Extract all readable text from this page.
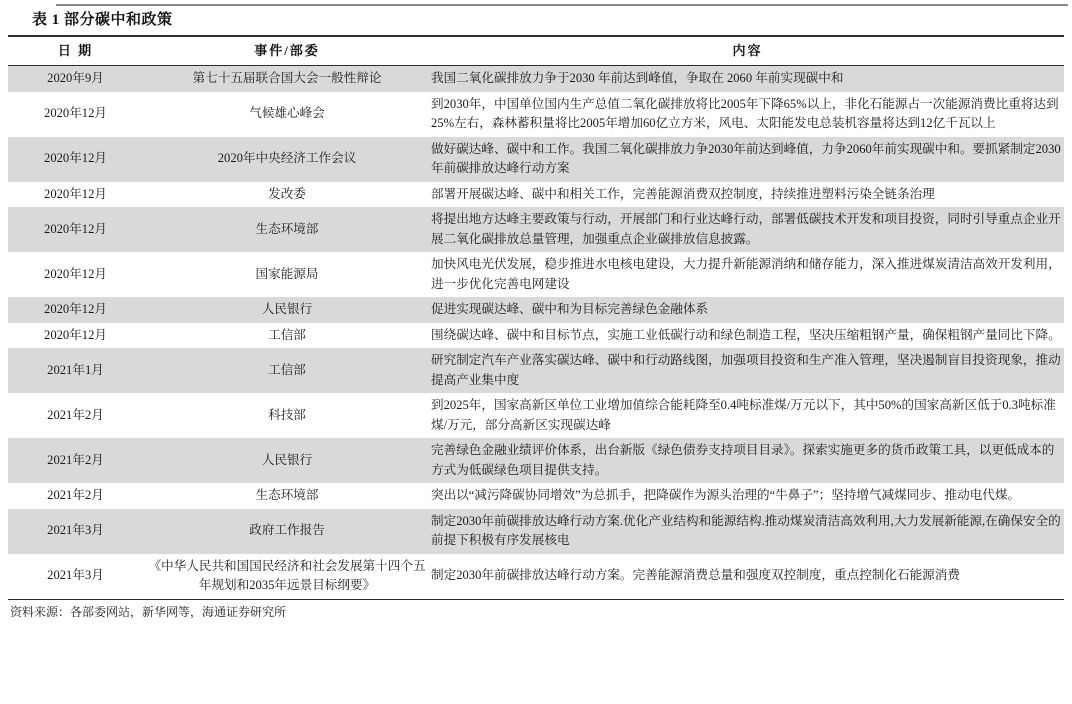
表 1 部分碳中和政策
日 期	事件/部委	内容
2020年9月	第七十五届联合国大会一般性辩论	我国二氧化碳排放力争于2030 年前达到峰值，争取在 2060 年前实现碳中和
2020年12月	气候雄心峰会	到2030年，中国单位国内生产总值二氧化碳排放将比2005年下降65%以上，非化石能源占一次能源消费比重将达到25%左右，森林蓄积量将比2005年增加60亿立方米，风电、太阳能发电总装机容量将达到12亿千瓦以上
2020年12月	2020年中央经济工作会议	做好碳达峰、碳中和工作。我国二氧化碳排放力争2030年前达到峰值，力争2060年前实现碳中和。要抓紧制定2030年前碳排放达峰行动方案
2020年12月	发改委	部署开展碳达峰、碳中和相关工作，完善能源消费双控制度，持续推进塑料污染全链条治理
2020年12月	生态环境部	将提出地方达峰主要政策与行动，开展部门和行业达峰行动，部署低碳技术开发和项目投资，同时引导重点企业开展二氧化碳排放总量管理，加强重点企业碳排放信息披露。
2020年12月	国家能源局	加快风电光伏发展，稳步推进水电核电建设，大力提升新能源消纳和储存能力，深入推进煤炭清洁高效开发利用，进一步优化完善电网建设
2020年12月	人民银行	促进实现碳达峰、碳中和为目标完善绿色金融体系
2020年12月	工信部	围绕碳达峰、碳中和目标节点，实施工业低碳行动和绿色制造工程，坚决压缩粗钢产量，确保粗钢产量同比下降。
2021年1月	工信部	研究制定汽车产业落实碳达峰、碳中和行动路线图，加强项目投资和生产准入管理，坚决遏制盲目投资现象，推动提高产业集中度
2021年2月	科技部	到2025年，国家高新区单位工业增加值综合能耗降至0.4吨标准煤/万元以下，其中50%的国家高新区低于0.3吨标准煤/万元，部分高新区实现碳达峰
2021年2月	人民银行	完善绿色金融业绩评价体系，出台新版《绿色债券支持项目目录》。探索实施更多的货币政策工具，以更低成本的方式为低碳绿色项目提供支持。
2021年2月	生态环境部	突出以“减污降碳协同增效”为总抓手，把降碳作为源头治理的“牛鼻子”；坚持增气减煤同步、推动电代煤。
2021年3月	政府工作报告	制定2030年前碳排放达峰行动方案.优化产业结构和能源结构.推动煤炭清洁高效利用,大力发展新能源,在确保安全的前提下积极有序发展核电
2021年3月	《中华人民共和国国民经济和社会发展第十四个五年规划和2035年远景目标纲要》	制定2030年前碳排放达峰行动方案。完善能源消费总量和强度双控制度，重点控制化石能源消费
资料来源：各部委网站，新华网等，海通证券研究所
